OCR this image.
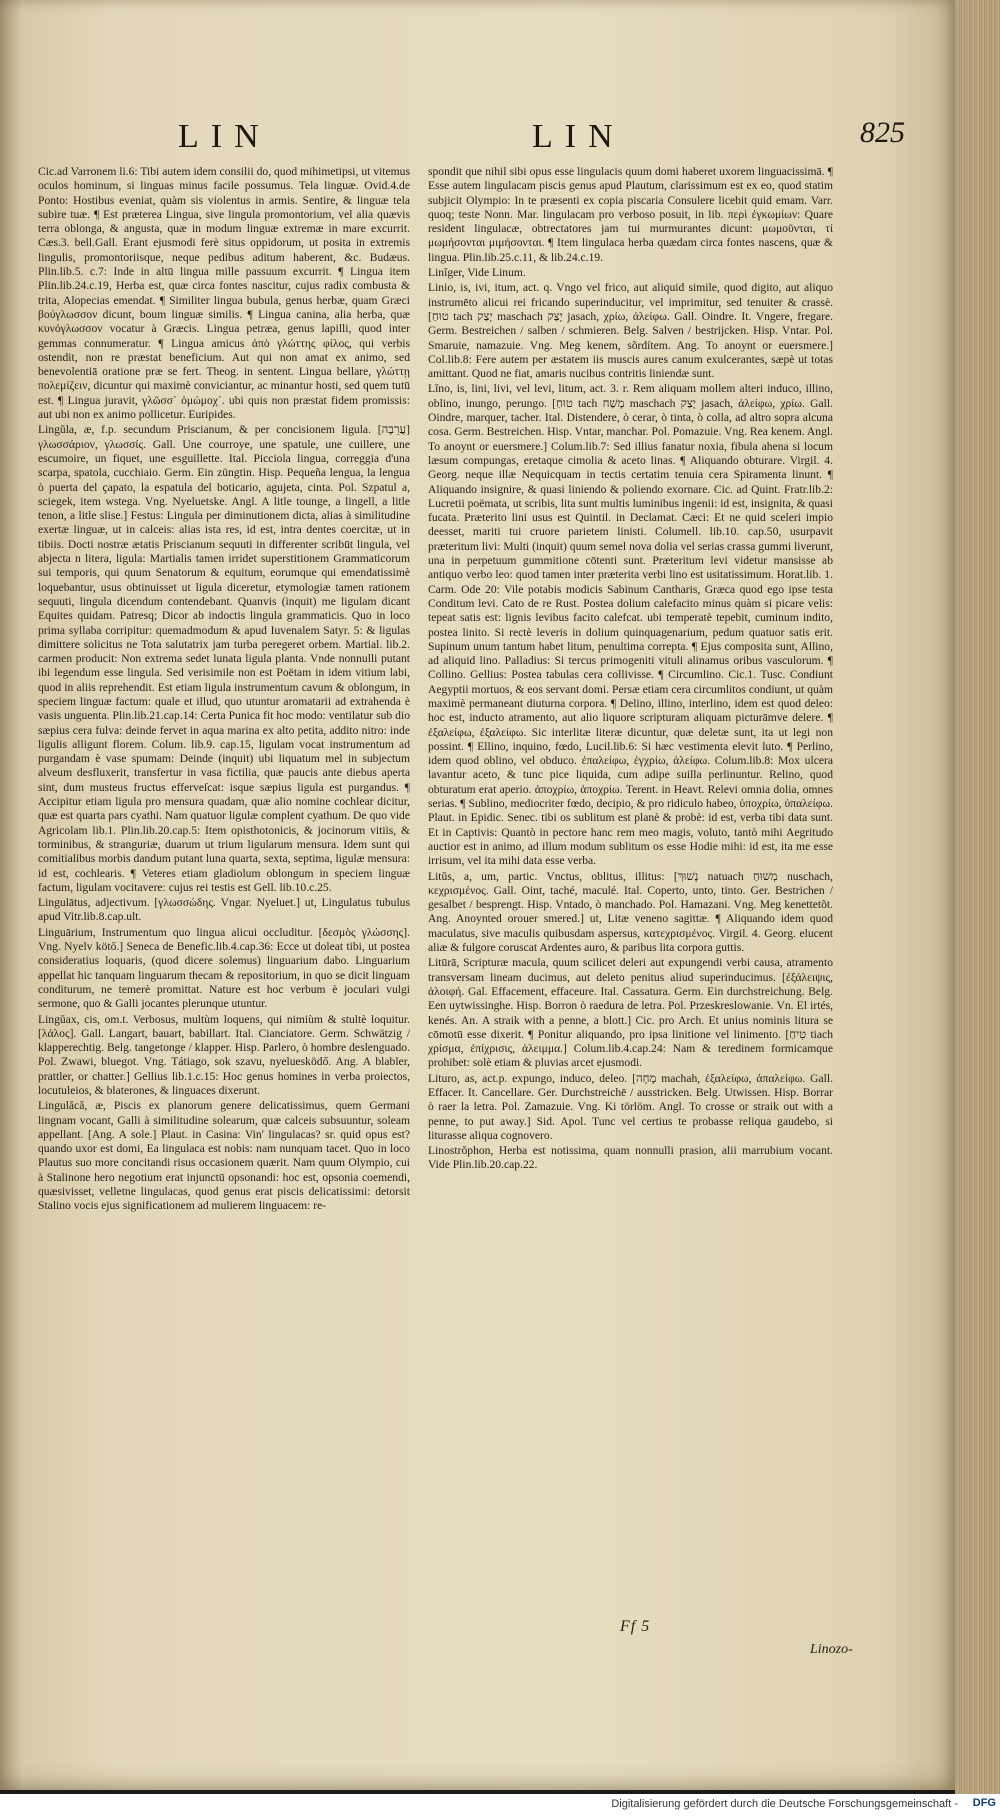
LIN	LIN	825

Cic.ad Varronem li.6: Tibi autem idem consilii do, quod mihimetipsi, ut vitemus oculos hominum, si linguas minus facile possumus. Tela linguæ. Ovid.4.de Ponto: Hostibus eveniat, quàm sis violentus in armis. Sentire, & linguæ tela subire tuæ. ¶ Est præterea Lingua, sive lingula promontorium, vel alia quævis terra oblonga, & angusta, quæ in modum linguæ extremæ in mare excurrit. Cæs.3. bell.Gall. Erant ejusmodi ferè situs oppidorum, ut posita in extremis lingulis, promontoriisque, neque pedibus aditum haberent, &c. Budæus. Plin.lib.5. c.7: Inde in altū lingua mille passuum excurrit. ¶ Lingua item Plin.lib.24.c.19, Herba est, quæ circa fontes nascitur, cujus radix combusta & trita, Alopecias emendat. ¶ Similiter lingua bubula, genus herbæ, quam Græci βούγλωσσον dicunt, boum linguæ similis. ¶ Lingua canina, alia herba, quæ κυνόγλωσσον vocatur à Græcis. Lingua petræa, genus lapilli, quod inter gemmas connumeratur. ¶ Lingua amicus ἀπὸ γλώττης φίλος, qui verbis ostendit, non re præstat beneficium. Aut qui non amat ex animo, sed benevolentiā oratione præ se fert. Theog. in sentent. Lingua bellare, γλώττῃ πολεμίζειν, dicuntur qui maximè conviciantur, ac minantur hosti, sed quem tutū est. ¶ Lingua juravit, γλῶσσ᾽ ὀμώμοχ᾽. ubi quis non præstat fidem promissis: aut ubi non ex animo pollicetur. Euripides.

Lingŭla, æ, f.p. secundum Priscianum, & per concisionem ligula. [עֲרֵבָה] γλωσσάριον, γλωσσίς. Gall. Une courroye, une spatule, une cuillere, une escumoire, un fiquet, une esguillette. Ital. Picciola lingua, correggia d'una scarpa, spatola, cucchiaio. Germ. Ein züngtin. Hisp. Pequeña lengua, la lengua ò puerta del çapato, la espatula del boticario, agujeta, cinta. Pol. Szpatul a, sciegek, item wstega. Vng. Nyeluetske. Angl. A litle tounge, a lingell, a litle tenon, a litle slise.] Festus: Lingula per diminutionem dicta, alias à similitudine exertæ linguæ, ut in calceis: alias ista res, id est, intra dentes coercitæ, ut in tibiis. Docti nostræ ætatis Priscianum sequuti in differenter scribūt lingula, vel abjecta n litera, ligula: Martialis tamen irridet superstitionem Grammaticorum sui temporis, qui quum Senatorum & equitum, eorumque qui emendatissimè loquebantur, usus obtinuisset ut ligula diceretur, etymologiæ tamen rationem sequuti, lingula dicendum contendebant. Quanvis (inquit) me ligulam dicant Equites quidam. Patresq; Dicor ab indoctis lingula grammaticis. Quo in loco prima syllaba corripitur: quemadmodum & apud Iuvenalem Satyr. 5: & ligulas dimittere solicitus ne Tota salutatrix jam turba peregeret orbem. Martial. lib.2. carmen producit: Non extrema sedet lunata ligula planta. Vnde nonnulli putant ibi legendum esse lingula. Sed verisimile non est Poëtam in idem vitium labi, quod in aliis reprehendit. Est etiam ligula instrumentum cavum & oblongum, in speciem linguæ factum: quale et illud, quo utuntur aromatarii ad extrahenda è vasis unguenta. Plin.lib.21.cap.14: Certa Punica fit hoc modo: ventilatur sub dio sæpius cera fulva: deinde fervet in aqua marina ex alto petita, addito nitro: inde ligulis alligunt florem. Colum. lib.9. cap.15, ligulam vocat instrumentum ad purgandam è vase spumam: Deinde (inquit) ubi liquatum mel in subjectum alveum desfluxerit, transfertur in vasa fictilia, quæ paucis ante diebus aperta sint, dum musteus fructus efferveſcat: isque sæpius ligula est purgandus. ¶ Accipitur etiam ligula pro mensura quadam, quæ alio nomine cochlear dicitur, quæ est quarta pars cyathi. Nam quatuor ligulæ complent cyathum. De quo vide Agricolam lib.1. Plin.lib.20.cap.5: Item opisthotonicis, & jocinorum vitiis, & torminibus, & stranguriæ, duarum ut trium ligularum mensura. Idem sunt qui comitialibus morbis dandum putant luna quarta, sexta, septima, ligulæ mensura: id est, cochlearis. ¶ Veteres etiam gladiolum oblongum in speciem linguæ factum, ligulam vocitavere: cujus rei testis est Gell. lib.10.c.25.

Lingulātus, adjectivum. [γλωσσώδης. Vngar. Nyeluet.] ut, Lingulatus tubulus apud Vitr.lib.8.cap.ult.

Linguārium, Instrumentum quo lingua alicui occluditur. [δεσμὸς γλώσσης]. Vng. Nyelv kötő.] Seneca de Benefic.lib.4.cap.36: Ecce ut doleat tibi, ut postea consideratius loquaris, (quod dicere solemus) linguarium dabo. Linguarium appellat hic tanquam linguarum thecam & repositorium, in quo se dicit linguam conditurum, ne temerè promittat. Nature est hoc verbum è joculari vulgi sermone, quo & Galli jocantes plerunque utuntur.

Lingŭax, cis, om.t. Verbosus, multùm loquens, qui nimiùm & stultè loquitur. [λάλος]. Gall. Langart, bauart, babillart. Ital. Cianciatore. Germ. Schwätzig / klapperechtig. Belg. tangetonge / klapper. Hisp. Parlero, ò hombre deslenguado. Pol. Zwawi, bluegot. Vng. Tátiago, sok szavu, nyeluesködő. Ang. A blabler, prattler, or chatter.] Gellius lib.1.c.15: Hoc genus homines in verba proiectos, locutuleios, & blaterones, & linguaces dixerunt.

Lingulăcă, æ, Piscis ex planorum genere delicatissimus, quem Germani lingnam vocant, Galli à similitudine solearum, quæ calceis subsuuntur, soleam appellant. [Ang. A sole.] Plaut. in Casina: Vin' lingulacas? sr. quid opus est? quando uxor est domi, Ea lingulaca est nobis: nam nunquam tacet. Quo in loco Plautus suo more concitandi risus occasionem quærit. Nam quum Olympio, cui à Stalinone hero negotium erat injunctū opsonandi: hoc est, opsonia coemendi, quæsivisset, velletne lingulacas, quod genus erat piscis delicatissimi: detorsit Stalino vocis ejus significationem ad mulierem linguacem: re-

spondit que nihil sibi opus esse lingulacis quum domi haberet uxorem linguacissimā. ¶ Esse autem lingulacam piscis genus apud Plautum, clarissimum est ex eo, quod statim subjicit Olympio: In te præsenti ex copia piscaria Consulere licebit quid emam. Varr. quoq; teste Nonn. Mar. lingulacam pro verboso posuit, in lib. περὶ ἐγκωμίων: Quare resident lingulacæ, obtrectatores jam tui murmurantes dicunt: μωμοῦνται, τί μωμήσονται μιμήσονται. ¶ Item lingulaca herba quædam circa fontes nascens, quæ & lingua. Plin.lib.25.c.11, & lib.24.c.19.

Linĭger, Vide Linum.

Linio, is, ivi, itum, act. q. Vngo vel frico, aut aliquid simile, quod digito, aut aliquo instrumēto alicui rei fricando superinducitur, vel imprimitur, sed tenuiter & crassè. [טוּחַ tach יָצַק maschach יָצַק jasach, χρίω, ἀλείφω. Gall. Oindre. It. Vngere, fregare. Germ. Bestreichen / salben / schmieren. Belg. Salven / bestrijcken. Hisp. Vntar. Pol. Smaruie, namazuie. Vng. Meg kenem, sõrdítem. Ang. To anoynt or euersmere.] Col.lib.8: Fere autem per æstatem iis muscis aures canum exulcerantes, sæpè ut totas amittant. Quod ne fiat, amaris nucibus contritis liniendæ sunt.

Lĭno, is, lini, livi, vel levi, litum, act. 3. r. Rem aliquam mollem alteri induco, illino, oblino, inungo, perungo. [טוּחַ tach מָשַׁח maschach יָצַק jasach, ἀλείφω, χρίω. Gall. Oindre, marquer, tacher. Ital. Distendere, ò cerar, ò tinta, ò colla, ad altro sopra alcuna cosa. Germ. Bestreichen. Hisp. Vntar, manchar. Pol. Pomazuie. Vng. Rea kenem. Angl. To anoynt or euersmere.] Colum.lib.7: Sed illius fanatur noxia, fibula ahena si locum læsum compungas, eretaque cimolia & aceto linas. ¶ Aliquando obturare. Virgil. 4. Georg. neque illæ Nequicquam in tectis certatim tenuia cera Spiramenta linunt. ¶ Aliquando insignire, & quasi liniendo & poliendo exornare. Cic. ad Quint. Fratr.lib.2: Lucretii poëmata, ut scribis, lita sunt multis luminibus ingenii: id est, insignita, & quasi fucata. Præterito lini usus est Quintil. in Declamat. Cæci: Et ne quid sceleri impio deesset, mariti tui cruore parietem linisti. Columell. lib.10. cap.50, usurpavit præteritum livi: Multi (inquit) quum semel nova dolia vel serias crassa gummi liverunt, una in perpetuum gummitione cōtenti sunt. Præteritum levi videtur mansisse ab antiquo verbo leo: quod tamen inter præterita verbi lino est usitatissimum. Horat.lib. 1. Carm. Ode 20: Vile potabis modicis Sabinum Cantharis, Græca quod ego ipse testa Conditum levi. Cato de re Rust. Postea dolium calefacito minus quàm si picare velis: tepeat satis est: lignis levibus facito calefcat. ubi temperatè tepebit, cuminum indito, postea linito. Si rectè leveris in dolium quinquagenarium, pedum quatuor satis erit. Supinum unum tantum habet litum, penultima correpta. ¶ Ejus composita sunt, Allino, ad aliquid lino. Palladius: Si tercus primogeniti vituli alinamus oribus vasculorum. ¶ Collino. Gellius: Postea tabulas cera collivisse. ¶ Circumlino. Cic.1. Tusc. Condiunt Aegyptii mortuos, & eos servant domi. Persæ etiam cera circumlitos condiunt, ut quàm maximè permaneant diuturna corpora. ¶ Delino, illino, interlino, idem est quod deleo: hoc est, inducto atramento, aut alio liquore scripturam aliquam picturāmve delere. ¶ ἐξαλείφω, ἐξαλείφω. Sic interlitæ literæ dicuntur, quæ deletæ sunt, ita ut legi non possint. ¶ Ellino, inquino, fœdo, Lucil.lib.6: Si hæc vestimenta elevit luto. ¶ Perlino, idem quod oblino, vel obduco. ἐπαλείφω, ἐγχρίω, ἀλείφω. Colum.lib.8: Mox ulcera lavantur aceto, & tunc pice liquida, cum adipe suilla perlinuntur. Relino, quod obturatum erat aperio. ἀποχρίω, ἀποχρίω. Terent. in Heavt. Relevi omnia dolia, omnes serias. ¶ Sublino, mediocriter fœdo, decipio, & pro ridiculo habeo, ὑποχρίω, ὑπαλείφω. Plaut. in Epidic. Senec. tibi os sublitum est planè & probè: id est, verba tibi data sunt. Et in Captivis: Quantò in pectore hanc rem meo magis, voluto, tantò mihi Aegritudo auctior est in animo, ad illum modum sublitum os esse Hodie mihi: id est, ita me esse irrisum, vel ita mihi data esse verba.

Litŭs, a, um, partic. Vnctus, oblitus, illitus: [נָשׁוּךְ natuach מְשׁוּחַ nuschach, κεχρισμένος. Gall. Oint, taché, maculé. Ital. Coperto, unto, tinto. Ger. Bestrichen / gesalbet / besprengt. Hisp. Vntado, ò manchado. Pol. Hamazani. Vng. Meg kenettetõt. Ang. Anoynted orouer smered.] ut, Litæ veneno sagittæ. ¶ Aliquando idem quod maculatus, sive maculis quibusdam aspersus, κατεχρισμένος. Virgil. 4. Georg. elucent aliæ & fulgore coruscat Ardentes auro, & paribus lita corpora guttis.

Litūrā, Scripturæ macula, quum scilicet deleri aut expungendi verbi causa, atramento transversam lineam ducimus, aut deleto penitus aliud superinducimus. [ἐξάλειψις, ἀλοιφή. Gal. Effacement, effaceure. Ital. Cassatura. Germ. Ein durchstreichung. Belg. Een uytwissinghe. Hisp. Borron ò raedura de letra. Pol. Przeskreslowanie. Vn. El irtés, kenés. An. A straik with a penne, a blott.] Cic. pro Arch. Et unius nominis litura se cōmotū esse dixerit. ¶ Ponitur aliquando, pro ipsa linitione vel linimento. [טִיחַ tiach χρίσμα, ἐπίχρισις, ἀλειμμα.] Colum.lib.4.cap.24: Nam & teredinem formicamque prohibet: solè etiam & pluvias arcet ejusmodi.

Lituro, as, act.p. expungo, induco, deleo. [מָחָה machah, ἐξαλείφω, ἀπαλείφω. Gall. Effacer. It. Cancellare. Ger. Durchstreichē / ausstricken. Belg. Utwissen. Hisp. Borrar ò raer la letra. Pol. Zamazuie. Vng. Ki törlöm. Angl. To crosse or straik out with a penne, to put away.] Sid. Apol. Tunc vel certius te probasse reliqua gaudebo, si liturasse aliqua cognovero.

Linostrŏphon, Herba est notissima, quam nonnulli prasion, alii marrubium vocant. Vide Plin.lib.20.cap.22.

Ff 5
Linozo-
Digitalisierung gefördert durch die Deutsche Forschungsgemeinschaft -	DFG
